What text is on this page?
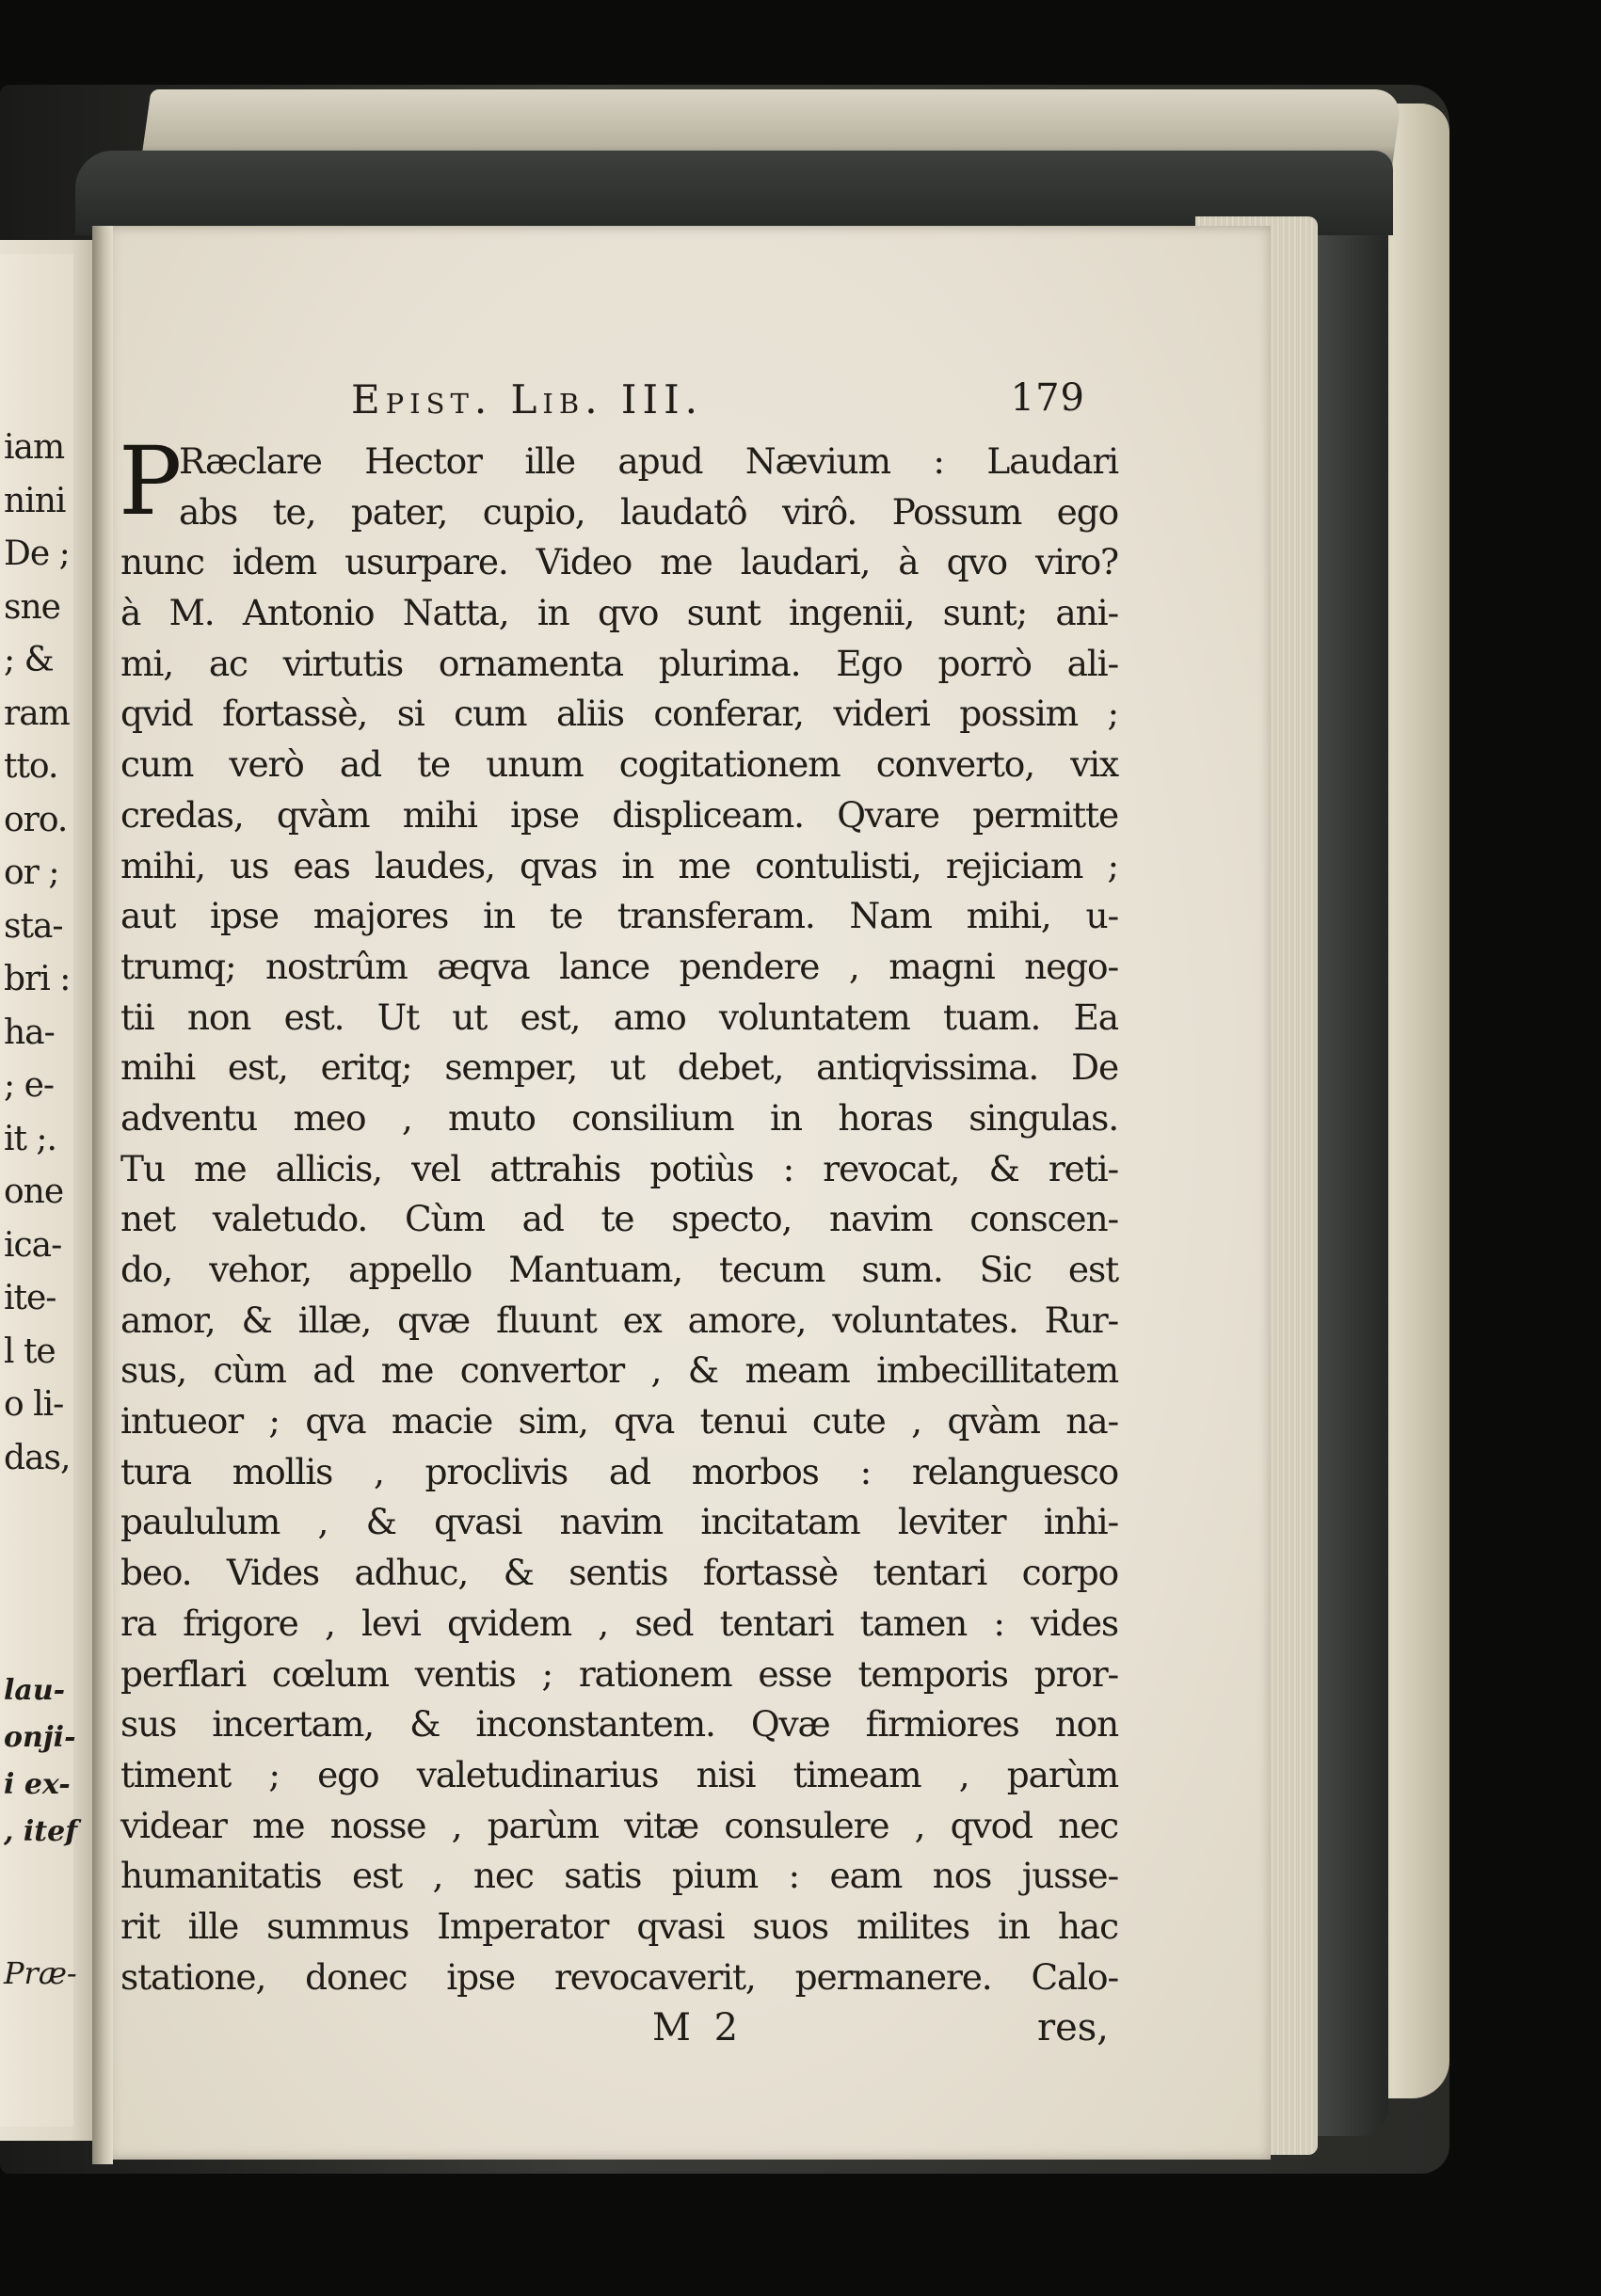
iam
nini
De ;
sne
; &
ram
tto.
oro.
or ;
sta-
bri :
ha-
; e-
it ;.
one
ica-
ite-
l te
o li-
das,
lau-
onji-
i ex-
, itef
Præ-
Epist. Lib. III.	179
P
Ræclare Hector ille apud Nævium : Laudari
abs te, pater, cupio, laudatô virô. Possum ego
nunc idem usurpare. Video me laudari, à qvo viro?
à M. Antonio Natta, in qvo sunt ingenii, sunt; ani-
mi, ac virtutis ornamenta plurima. Ego porrò ali-
qvid fortassè, si cum aliis conferar, videri possim ;
cum verò ad te unum cogitationem converto, vix
credas, qvàm mihi ipse displiceam. Qvare permitte
mihi, us eas laudes, qvas in me contulisti, rejiciam ;
aut ipse majores in te transferam. Nam mihi, u-
trumq; nostrûm æqva lance pendere , magni nego-
tii non est. Ut ut est, amo voluntatem tuam. Ea
mihi est, eritq; semper, ut debet, antiqvissima. De
adventu meo , muto consilium in horas singulas.
Tu me allicis, vel attrahis potiùs : revocat, & reti-
net valetudo. Cùm ad te specto, navim conscen-
do, vehor, appello Mantuam, tecum sum. Sic est
amor, & illæ, qvæ fluunt ex amore, voluntates. Rur-
sus, cùm ad me convertor , & meam imbecillitatem
intueor ; qva macie sim, qva tenui cute , qvàm na-
tura mollis , proclivis ad morbos : relanguesco
paululum , & qvasi navim incitatam leviter inhi-
beo. Vides adhuc, & sentis fortassè tentari corpo
ra frigore , levi qvidem , sed tentari tamen : vides
perflari cœlum ventis ; rationem esse temporis pror-
sus incertam, & inconstantem. Qvæ firmiores non
timent ; ego valetudinarius nisi timeam , parùm
videar me nosse , parùm vitæ consulere , qvod nec
humanitatis est , nec satis pium : eam nos jusse-
rit ille summus Imperator qvasi suos milites in hac
statione, donec ipse revocaverit, permanere. Calo-
M 2	res,
